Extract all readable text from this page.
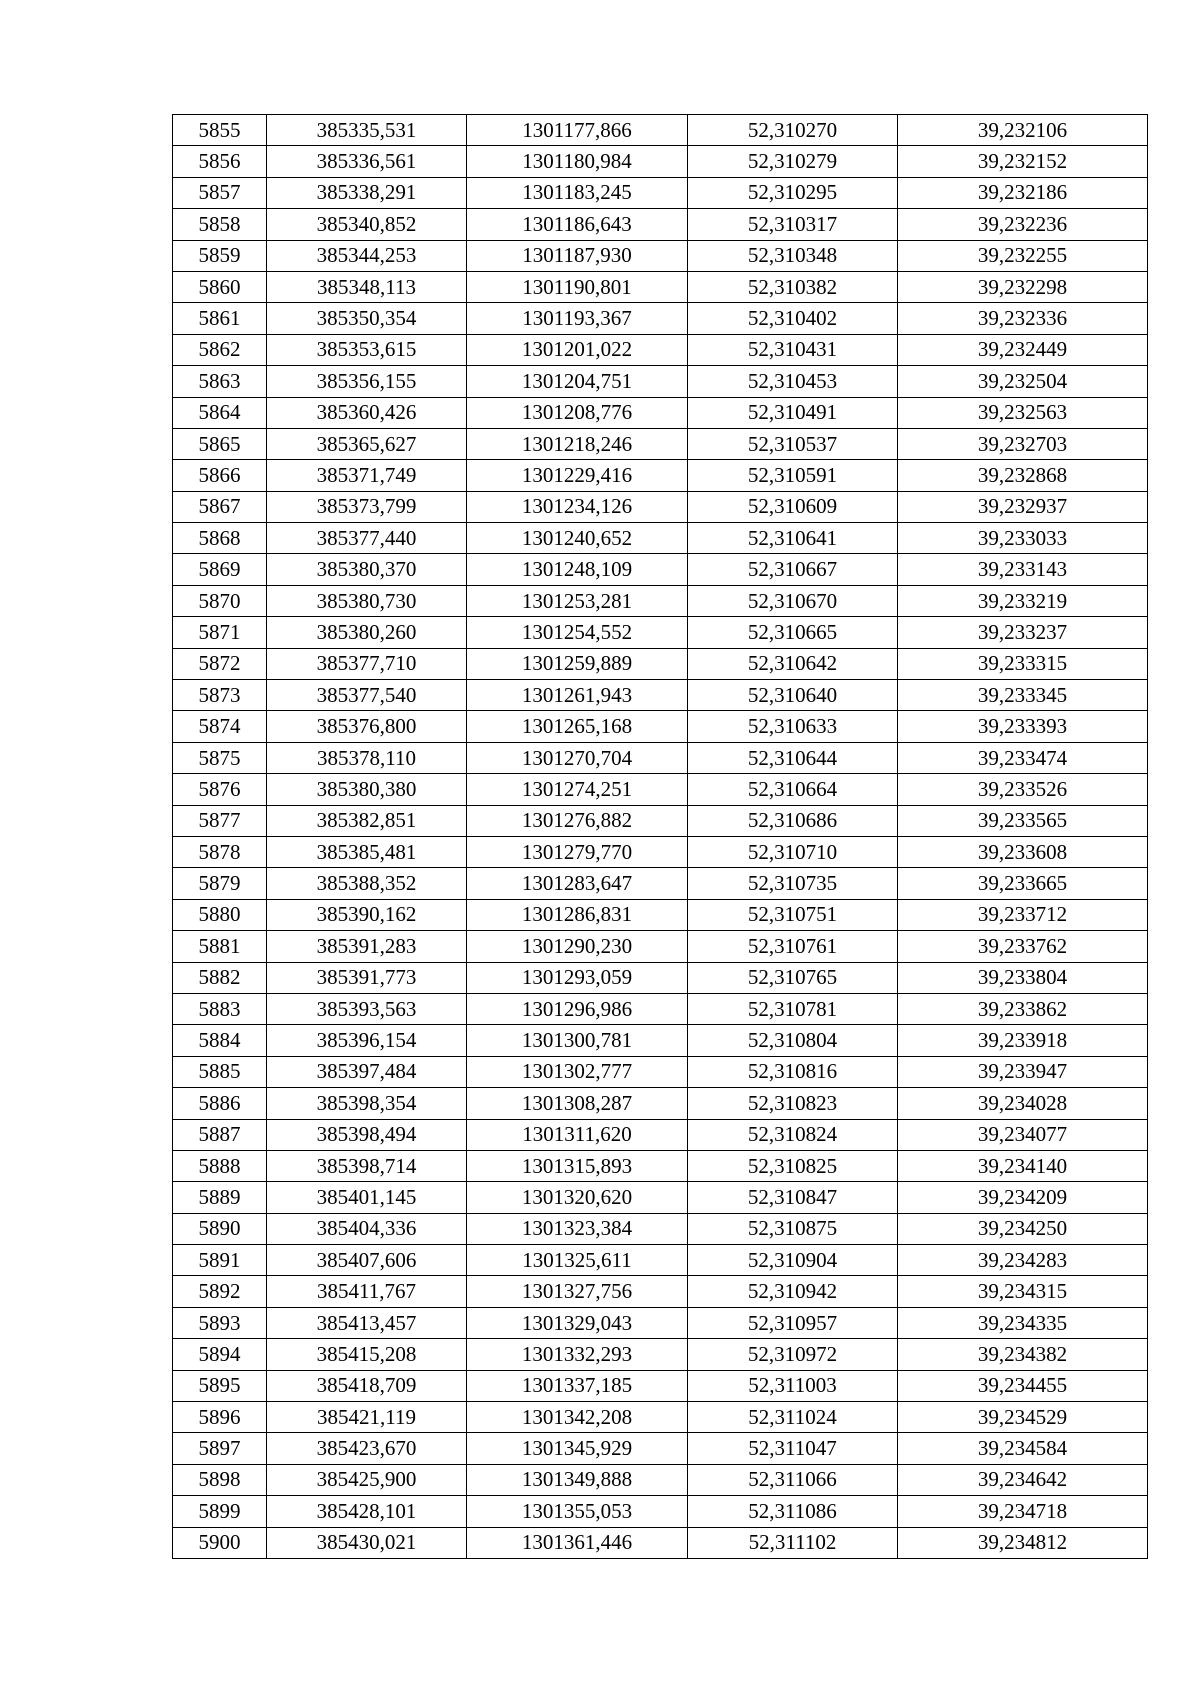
5855	385335,531	1301177,866	52,310270	39,232106
5856	385336,561	1301180,984	52,310279	39,232152
5857	385338,291	1301183,245	52,310295	39,232186
5858	385340,852	1301186,643	52,310317	39,232236
5859	385344,253	1301187,930	52,310348	39,232255
5860	385348,113	1301190,801	52,310382	39,232298
5861	385350,354	1301193,367	52,310402	39,232336
5862	385353,615	1301201,022	52,310431	39,232449
5863	385356,155	1301204,751	52,310453	39,232504
5864	385360,426	1301208,776	52,310491	39,232563
5865	385365,627	1301218,246	52,310537	39,232703
5866	385371,749	1301229,416	52,310591	39,232868
5867	385373,799	1301234,126	52,310609	39,232937
5868	385377,440	1301240,652	52,310641	39,233033
5869	385380,370	1301248,109	52,310667	39,233143
5870	385380,730	1301253,281	52,310670	39,233219
5871	385380,260	1301254,552	52,310665	39,233237
5872	385377,710	1301259,889	52,310642	39,233315
5873	385377,540	1301261,943	52,310640	39,233345
5874	385376,800	1301265,168	52,310633	39,233393
5875	385378,110	1301270,704	52,310644	39,233474
5876	385380,380	1301274,251	52,310664	39,233526
5877	385382,851	1301276,882	52,310686	39,233565
5878	385385,481	1301279,770	52,310710	39,233608
5879	385388,352	1301283,647	52,310735	39,233665
5880	385390,162	1301286,831	52,310751	39,233712
5881	385391,283	1301290,230	52,310761	39,233762
5882	385391,773	1301293,059	52,310765	39,233804
5883	385393,563	1301296,986	52,310781	39,233862
5884	385396,154	1301300,781	52,310804	39,233918
5885	385397,484	1301302,777	52,310816	39,233947
5886	385398,354	1301308,287	52,310823	39,234028
5887	385398,494	1301311,620	52,310824	39,234077
5888	385398,714	1301315,893	52,310825	39,234140
5889	385401,145	1301320,620	52,310847	39,234209
5890	385404,336	1301323,384	52,310875	39,234250
5891	385407,606	1301325,611	52,310904	39,234283
5892	385411,767	1301327,756	52,310942	39,234315
5893	385413,457	1301329,043	52,310957	39,234335
5894	385415,208	1301332,293	52,310972	39,234382
5895	385418,709	1301337,185	52,311003	39,234455
5896	385421,119	1301342,208	52,311024	39,234529
5897	385423,670	1301345,929	52,311047	39,234584
5898	385425,900	1301349,888	52,311066	39,234642
5899	385428,101	1301355,053	52,311086	39,234718
5900	385430,021	1301361,446	52,311102	39,234812
